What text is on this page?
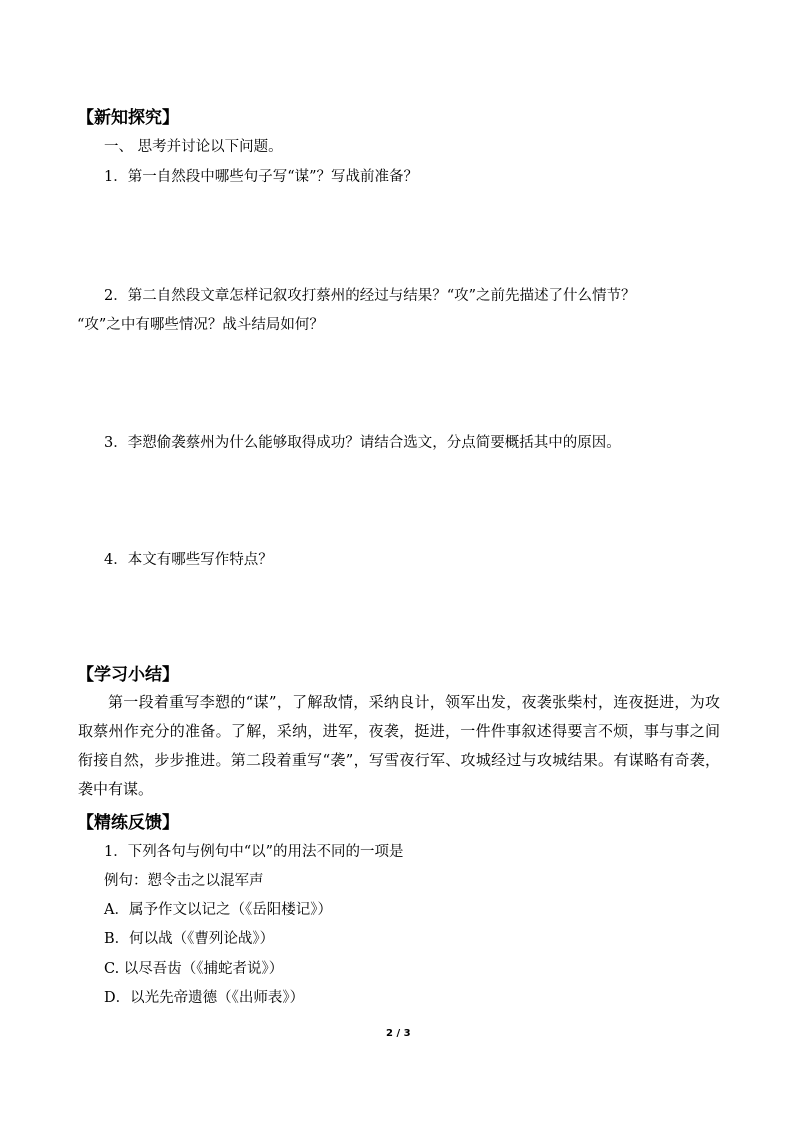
【新知探究】
一、 思考并讨论以下问题。
1．第一自然段中哪些句子写“谋”？写战前准备？
2．第二自然段文章怎样记叙攻打蔡州的经过与结果？“攻”之前先描述了什么情节？
“攻”之中有哪些情况？战斗结局如何？
3．李愬偷袭蔡州为什么能够取得成功？请结合选文，分点简要概括其中的原因。
4．本文有哪些写作特点？
【学习小结】
第一段着重写李愬的“谋”，了解敌情，采纳良计，领军出发，夜袭张柴村，连夜挺进，为攻取蔡州作充分的准备。了解，采纳，进军，夜袭，挺进，一件件事叙述得要言不烦，事与事之间衔接自然，步步推进。第二段着重写“袭”，写雪夜行军、攻城经过与攻城结果。有谋略有奇袭，袭中有谋。
【精练反馈】
1．下列各句与例句中“以”的用法不同的一项是
例句：愬令击之以混军声
A．属予作文以记之（《岳阳楼记》）
B．何以战（《曹列论战》）
C. 以尽吾齿（《捕蛇者说》）
D．以光先帝遗德（《出师表》）
2 / 3
